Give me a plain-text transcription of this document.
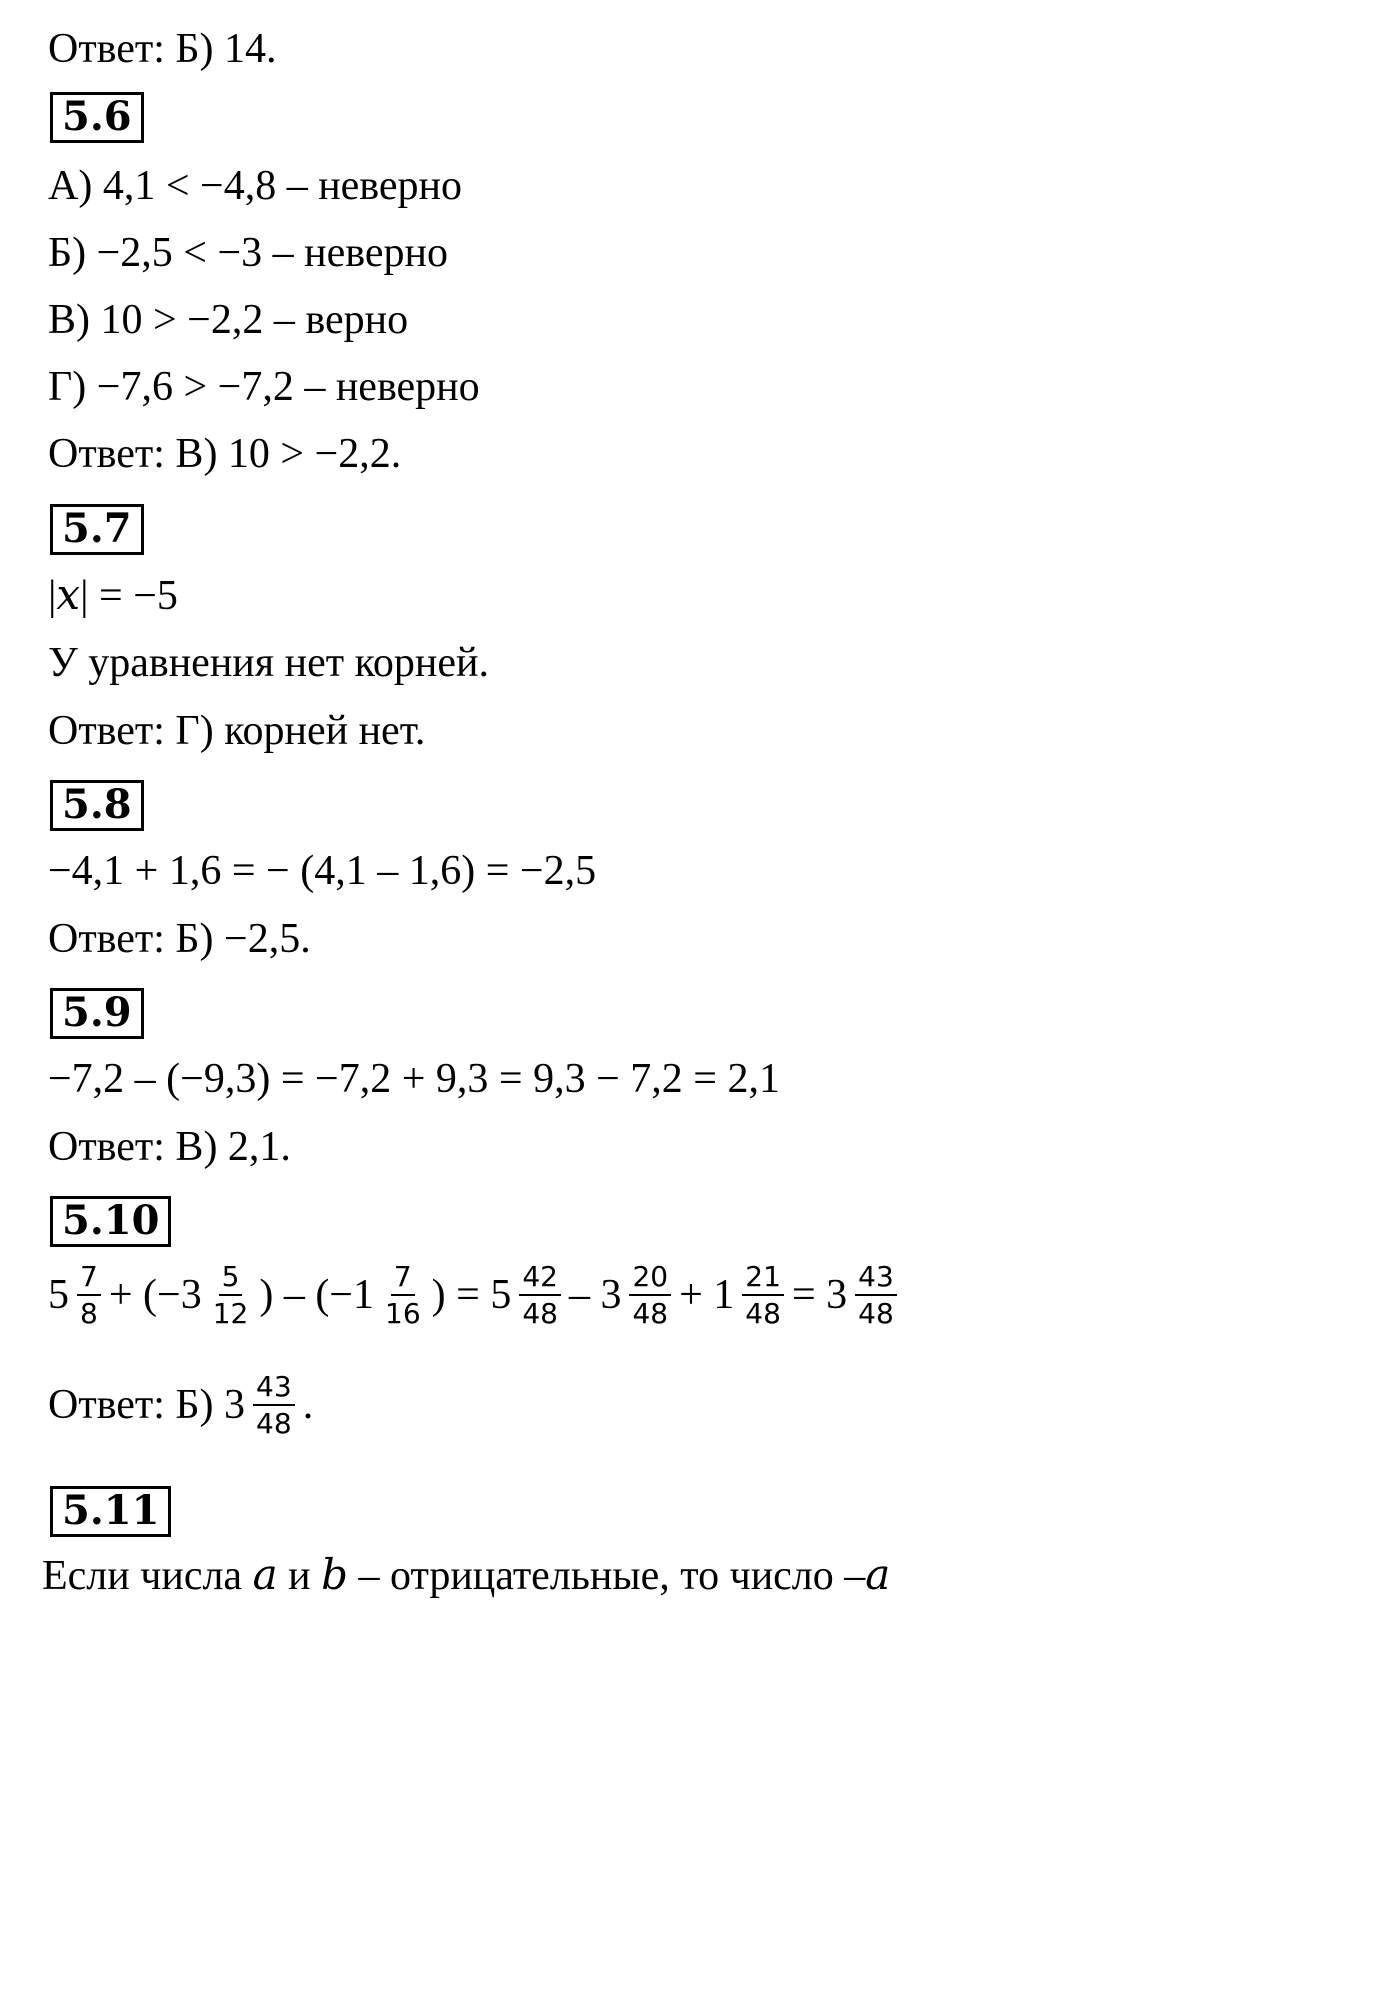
Ответ: Б) 14.
5.6
А) 4,1 < −4,8 – неверно
Б) −2,5 < −3 – неверно
В) 10 > −2,2 – верно
Г) −7,6 > −7,2 – неверно
Ответ: В) 10 > −2,2.
5.7
|x| = −5
У уравнения нет корней.
Ответ: Г) корней нет.
5.8
−4,1 + 1,6 = − (4,1 – 1,6) = −2,5
Ответ: Б) −2,5.
5.9
−7,2 – (−9,3) = −7,2 + 9,3 = 9,3 − 7,2 = 2,1
Ответ: В) 2,1.
5.10
$5 \frac{7}{8} + (-3 \frac{5}{12}$ ) – ($-1 \frac{7}{16}$ ) = $5 \frac{42}{48} - 3 \frac{20}{48} + 1 \frac{21}{48} = 3 \frac{43}{48}$
Ответ: Б) $3 \frac{43}{48}$ .
5.11
Если числа a и b – отрицательные, то число –a
